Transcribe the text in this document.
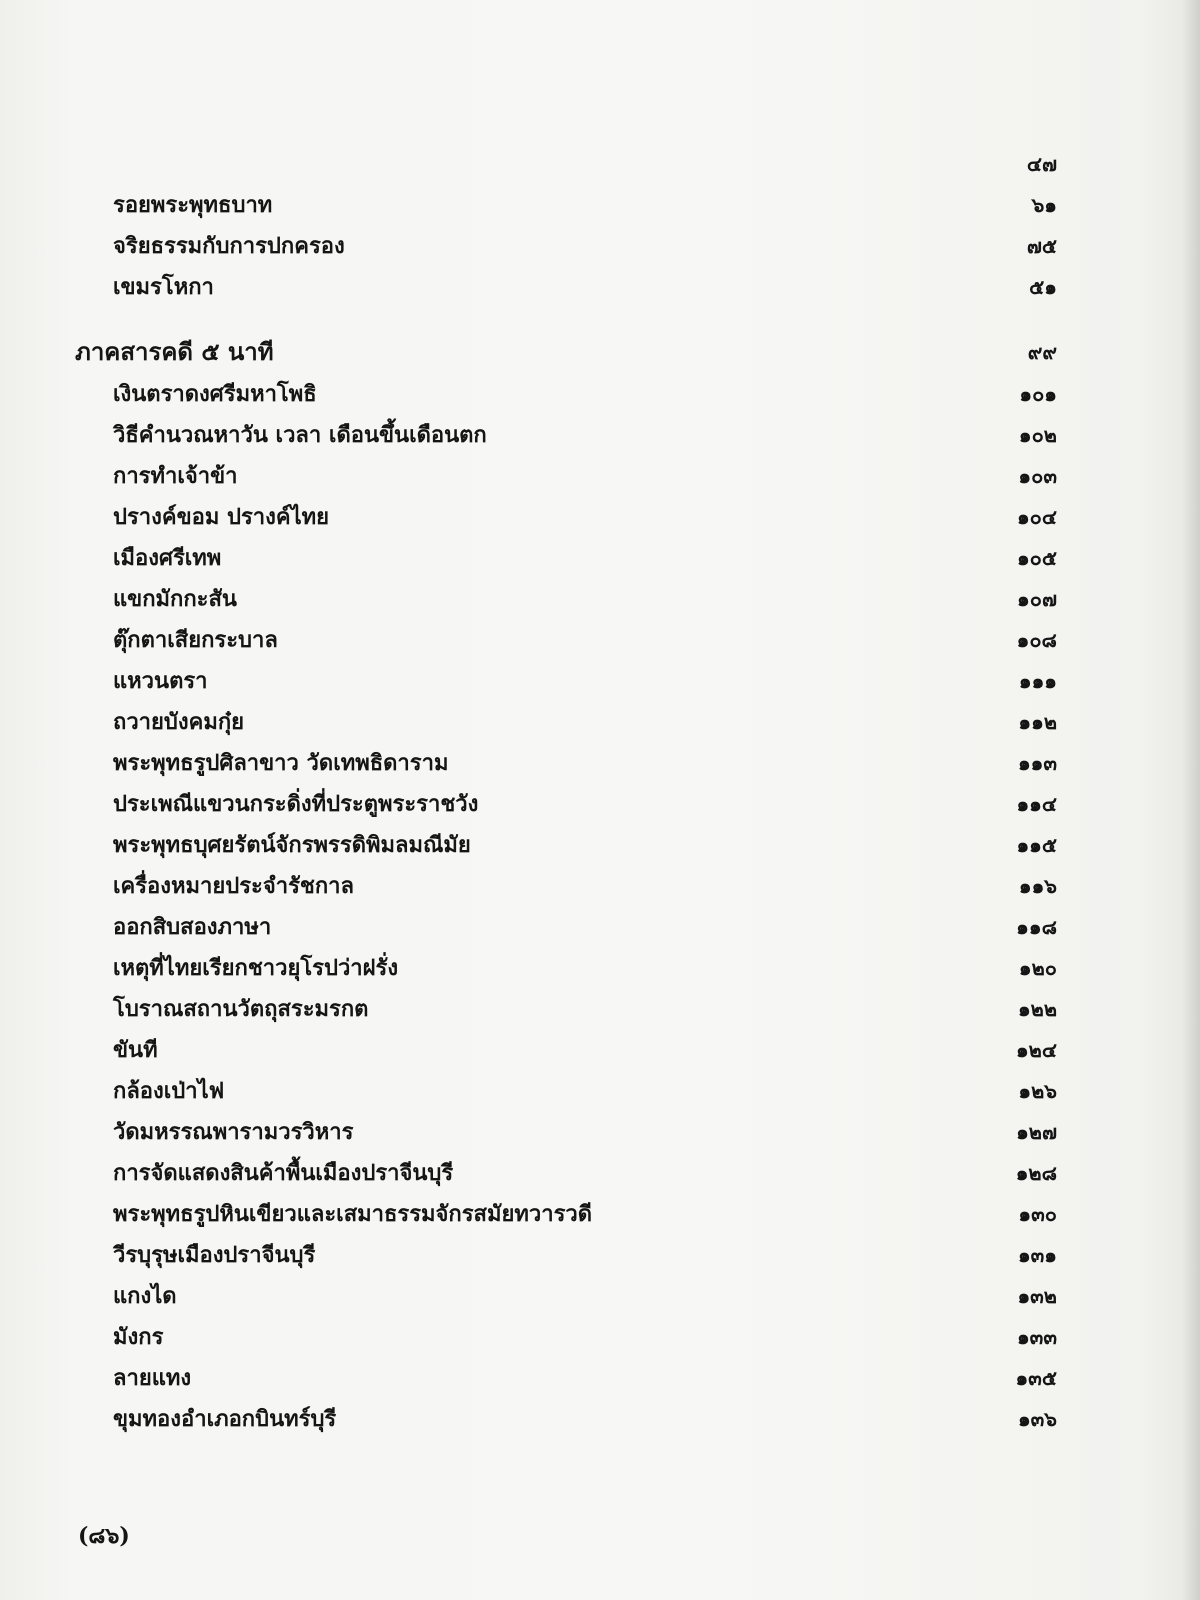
๔๗
รอยพระพุทธบาท	๖๑
จริยธรรมกับการปกครอง	๗๕
เขมรโหกา	๕๑
ภาคสารคดี ๕ นาที	๙๙
เงินตราดงศรีมหาโพธิ	๑๐๑
วิธีคำนวณหาวัน เวลา เดือนขึ้นเดือนตก	๑๐๒
การทำเจ้าข้า	๑๐๓
ปรางค์ขอม ปรางค์ไทย	๑๐๔
เมืองศรีเทพ	๑๐๕
แขกมักกะสัน	๑๐๗
ตุ๊กตาเสียกระบาล	๑๐๘
แหวนตรา	๑๑๑
ถวายบังคมกุ๋ย	๑๑๒
พระพุทธรูปศิลาขาว วัดเทพธิดาราม	๑๑๓
ประเพณีแขวนกระดิ่งที่ประตูพระราชวัง	๑๑๔
พระพุทธบุศยรัตน์จักรพรรดิพิมลมณีมัย	๑๑๕
เครื่องหมายประจำรัชกาล	๑๑๖
ออกสิบสองภาษา	๑๑๘
เหตุที่ไทยเรียกชาวยุโรปว่าฝรั่ง	๑๒๐
โบราณสถานวัตถุสระมรกต	๑๒๒
ขันที	๑๒๔
กล้องเป่าไฟ	๑๒๖
วัดมหรรณพารามวรวิหาร	๑๒๗
การจัดแสดงสินค้าพื้นเมืองปราจีนบุรี	๑๒๘
พระพุทธรูปหินเขียวและเสมาธรรมจักรสมัยทวารวดี	๑๓๐
วีรบุรุษเมืองปราจีนบุรี	๑๓๑
แกงได	๑๓๒
มังกร	๑๓๓
ลายแทง	๑๓๕
ขุมทองอำเภอกบินทร์บุรี	๑๓๖
(๘๖)
